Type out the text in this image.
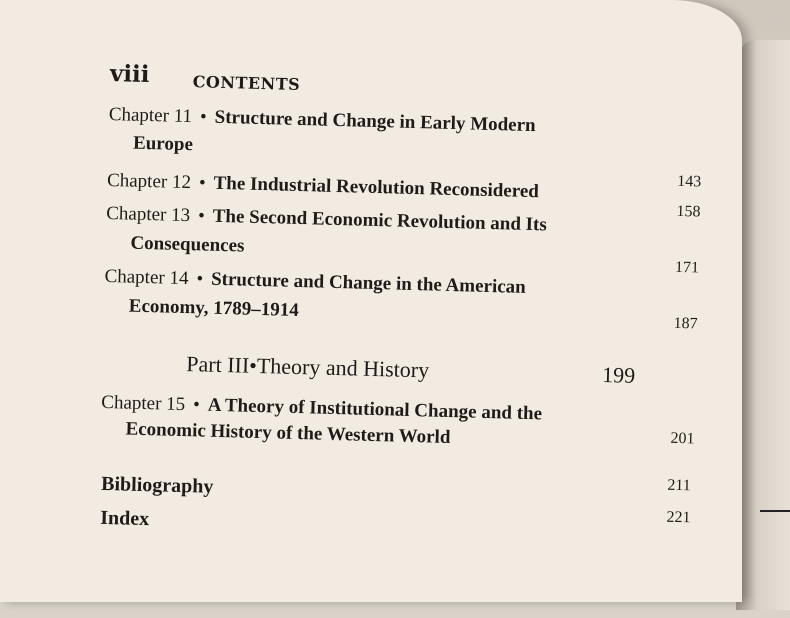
viii	CONTENTS
Chapter 11 • Structure and Change in Early Modern
Europe
143
Chapter 12 • The Industrial Revolution Reconsidered
158
Chapter 13 • The Second Economic Revolution and Its
Consequences
171
Chapter 14 • Structure and Change in the American
Economy, 1789–1914
187
Part III•Theory and History	199
Chapter 15 • A Theory of Institutional Change and the
Economic History of the Western World	201
Bibliography	211
Index	221
